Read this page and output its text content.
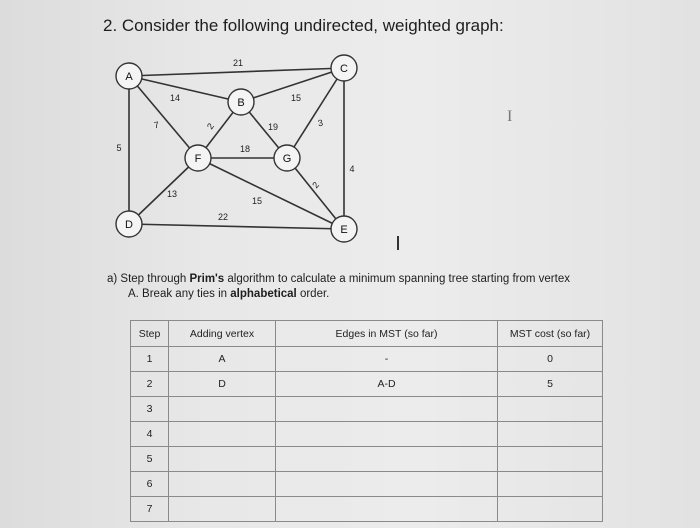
2. Consider the following undirected, weighted graph:
21
14
7
5
15
2	19	3
4
18
13
15
2
22
A
B
C
D	E
F	G
I
a) Step through Prim's algorithm to calculate a minimum spanning tree starting from vertex
A. Break any ties in alphabetical order.
Step	Adding vertex	Edges in MST (so far)	MST cost (so far)
1	A	-	0
2	D	A-D	5
3			
4			
5			
6			
7			
